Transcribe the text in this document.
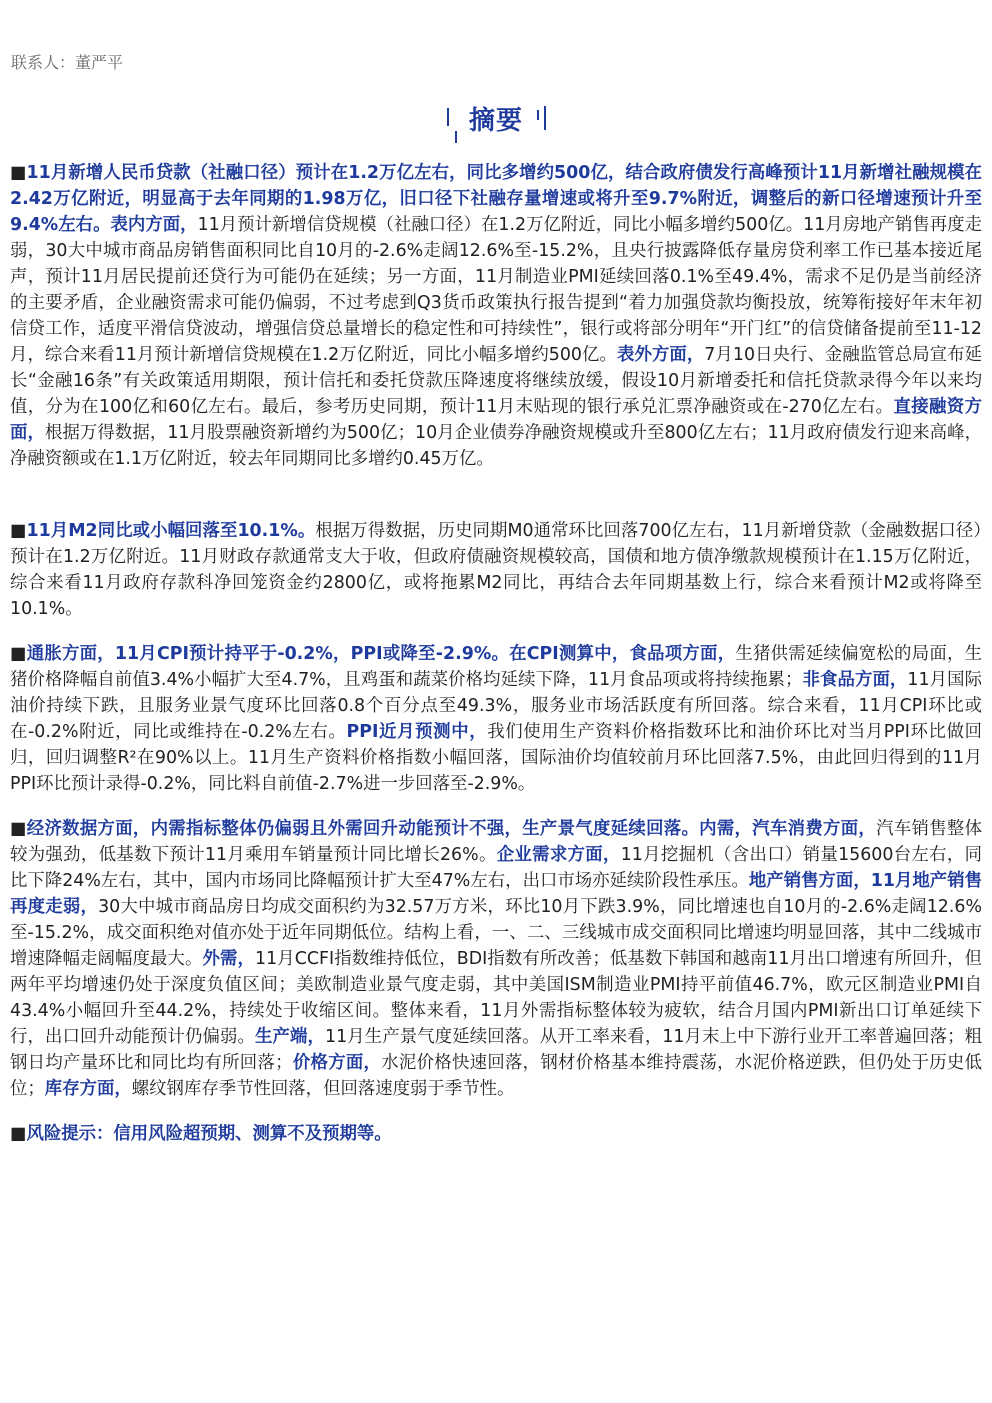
联系人：董严平
摘要

■11月新增人民币贷款（社融口径）预计在1.2万亿左右，同比多增约500亿，结合政府债发行高峰预计11月新增社融规模在2.42万亿附近，明显高于去年同期的1.98万亿，旧口径下社融存量增速或将升至9.7%附近，调整后的新口径增速预计升至9.4%左右。表内方面，11月预计新增信贷规模（社融口径）在1.2万亿附近，同比小幅多增约500亿。11月房地产销售再度走弱，30大中城市商品房销售面积同比自10月的-2.6%走阔12.6%至-15.2%，且央行披露降低存量房贷利率工作已基本接近尾声，预计11月居民提前还贷行为可能仍在延续；另一方面，11月制造业PMI延续回落0.1%至49.4%，需求不足仍是当前经济的主要矛盾，企业融资需求可能仍偏弱，不过考虑到Q3货币政策执行报告提到“着力加强贷款均衡投放，统筹衔接好年末年初信贷工作，适度平滑信贷波动，增强信贷总量增长的稳定性和可持续性”，银行或将部分明年“开门红”的信贷储备提前至11-12月，综合来看11月预计新增信贷规模在1.2万亿附近，同比小幅多增约500亿。表外方面，7月10日央行、金融监管总局宣布延长“金融16条”有关政策适用期限，预计信托和委托贷款压降速度将继续放缓，假设10月新增委托和信托贷款录得今年以来均值，分为在100亿和60亿左右。最后，参考历史同期，预计11月末贴现的银行承兑汇票净融资或在-270亿左右。直接融资方面，根据万得数据，11月股票融资新增约为500亿；10月企业债券净融资规模或升至800亿左右；11月政府债发行迎来高峰，净融资额或在1.1万亿附近，较去年同期同比多增约0.45万亿。

■11月M2同比或小幅回落至10.1%。根据万得数据，历史同期M0通常环比回落700亿左右，11月新增贷款（金融数据口径）预计在1.2万亿附近。11月财政存款通常支大于收，但政府债融资规模较高，国债和地方债净缴款规模预计在1.15万亿附近，综合来看11月政府存款科净回笼资金约2800亿，或将拖累M2同比，再结合去年同期基数上行，综合来看预计M2或将降至10.1%。

■通胀方面，11月CPI预计持平于-0.2%，PPI或降至-2.9%。在CPI测算中，食品项方面，生猪供需延续偏宽松的局面，生猪价格降幅自前值3.4%小幅扩大至4.7%，且鸡蛋和蔬菜价格均延续下降，11月食品项或将持续拖累；非食品方面，11月国际油价持续下跌，且服务业景气度环比回落0.8个百分点至49.3%，服务业市场活跃度有所回落。综合来看，11月CPI环比或在-0.2%附近，同比或维持在-0.2%左右。PPI近月预测中，我们使用生产资料价格指数环比和油价环比对当月PPI环比做回归，回归调整R²在90%以上。11月生产资料价格指数小幅回落，国际油价均值较前月环比回落7.5%，由此回归得到的11月PPI环比预计录得-0.2%，同比料自前值-2.7%进一步回落至-2.9%。

■经济数据方面，内需指标整体仍偏弱且外需回升动能预计不强，生产景气度延续回落。内需，汽车消费方面，汽车销售整体较为强劲，低基数下预计11月乘用车销量预计同比增长26%。企业需求方面，11月挖掘机（含出口）销量15600台左右，同比下降24%左右，其中，国内市场同比降幅预计扩大至47%左右，出口市场亦延续阶段性承压。地产销售方面，11月地产销售再度走弱，30大中城市商品房日均成交面积约为32.57万方米，环比10月下跌3.9%，同比增速也自10月的-2.6%走阔12.6%至-15.2%，成交面积绝对值亦处于近年同期低位。结构上看，一、二、三线城市成交面积同比增速均明显回落，其中二线城市增速降幅走阔幅度最大。外需，11月CCFI指数维持低位，BDI指数有所改善；低基数下韩国和越南11月出口增速有所回升，但两年平均增速仍处于深度负值区间；美欧制造业景气度走弱，其中美国ISM制造业PMI持平前值46.7%，欧元区制造业PMI自43.4%小幅回升至44.2%，持续处于收缩区间。整体来看，11月外需指标整体较为疲软，结合月国内PMI新出口订单延续下行，出口回升动能预计仍偏弱。生产端，11月生产景气度延续回落。从开工率来看，11月末上中下游行业开工率普遍回落；粗钢日均产量环比和同比均有所回落；价格方面，水泥价格快速回落，钢材价格基本维持震荡，水泥价格逆跌，但仍处于历史低位；库存方面，螺纹钢库存季节性回落，但回落速度弱于季节性。

■风险提示：信用风险超预期、测算不及预期等。
